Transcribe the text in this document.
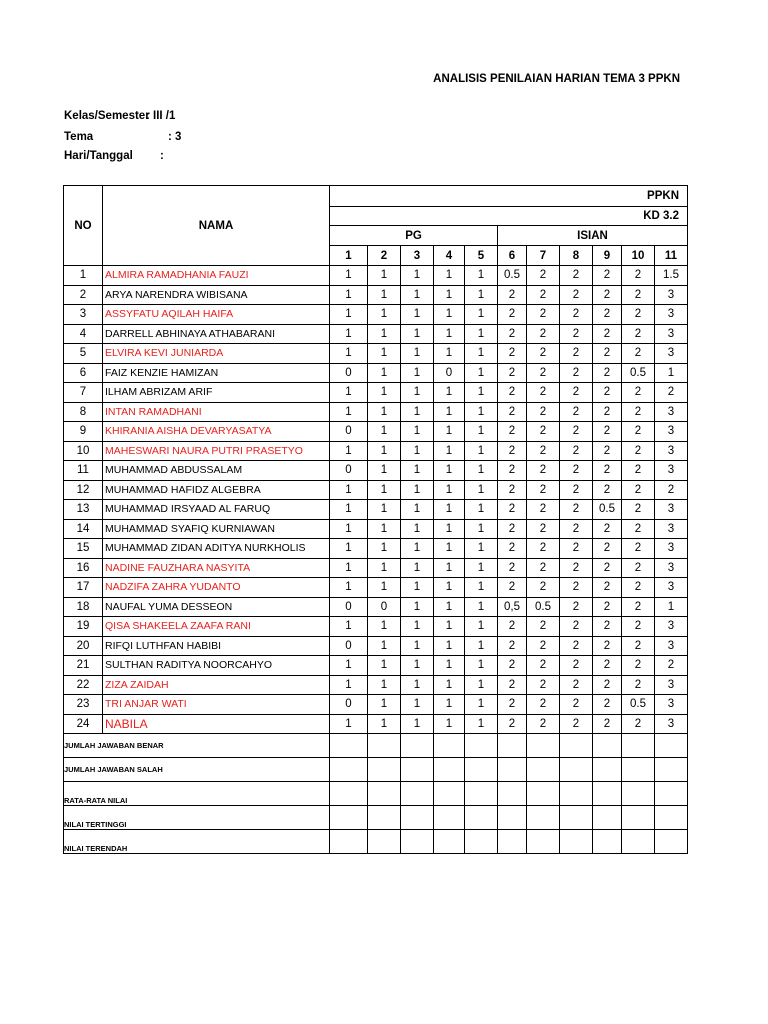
ANALISIS PENILAIAN HARIAN TEMA 3 PPKN
Kelas/Semester
: III /1
Tema	: 3
Hari/Tanggal :
NO	NAMA	PPKN										
		KD 3.2										
		PG					ISIAN					
		1	2	3	4	5	6	7	8	9	10	11
1	ALMIRA RAMADHANIA FAUZI	1	1	1	1	1	0.5	2	2	2	2	1.5
2	ARYA NARENDRA WIBISANA	1	1	1	1	1	2	2	2	2	2	3
3	ASSYFATU AQILAH HAIFA	1	1	1	1	1	2	2	2	2	2	3
4	DARRELL ABHINAYA ATHABARANI	1	1	1	1	1	2	2	2	2	2	3
5	ELVIRA KEVI JUNIARDA	1	1	1	1	1	2	2	2	2	2	3
6	FAIZ KENZIE HAMIZAN	0	1	1	0	1	2	2	2	2	0.5	1
7	ILHAM ABRIZAM ARIF	1	1	1	1	1	2	2	2	2	2	2
8	INTAN RAMADHANI	1	1	1	1	1	2	2	2	2	2	3
9	KHIRANIA AISHA DEVARYASATYA	0	1	1	1	1	2	2	2	2	2	3
10	MAHESWARI NAURA PUTRI PRASETYO	1	1	1	1	1	2	2	2	2	2	3
11	MUHAMMAD ABDUSSALAM	0	1	1	1	1	2	2	2	2	2	3
12	MUHAMMAD HAFIDZ ALGEBRA	1	1	1	1	1	2	2	2	2	2	2
13	MUHAMMAD IRSYAAD AL FARUQ	1	1	1	1	1	2	2	2	0.5	2	3
14	MUHAMMAD SYAFIQ KURNIAWAN	1	1	1	1	1	2	2	2	2	2	3
15	MUHAMMAD ZIDAN ADITYA NURKHOLIS	1	1	1	1	1	2	2	2	2	2	3
16	NADINE FAUZHARA NASYITA	1	1	1	1	1	2	2	2	2	2	3
17	NADZIFA ZAHRA YUDANTO	1	1	1	1	1	2	2	2	2	2	3
18	NAUFAL YUMA DESSEON	0	0	1	1	1	0,5	0.5	2	2	2	1
19	QISA SHAKEELA ZAAFA RANI	1	1	1	1	1	2	2	2	2	2	3
20	RIFQI LUTHFAN HABIBI	0	1	1	1	1	2	2	2	2	2	3
21	SULTHAN RADITYA NOORCAHYO	1	1	1	1	1	2	2	2	2	2	2
22	ZIZA ZAIDAH	1	1	1	1	1	2	2	2	2	2	3
23	TRI ANJAR WATI	0	1	1	1	1	2	2	2	2	0.5	3
24	NABILA	1	1	1	1	1	2	2	2	2	2	3
JUMLAH JAWABAN BENAR												
JUMLAH JAWABAN SALAH												
RATA-RATA NILAI												
NILAI TERTINGGI												
NILAI TERENDAH												
